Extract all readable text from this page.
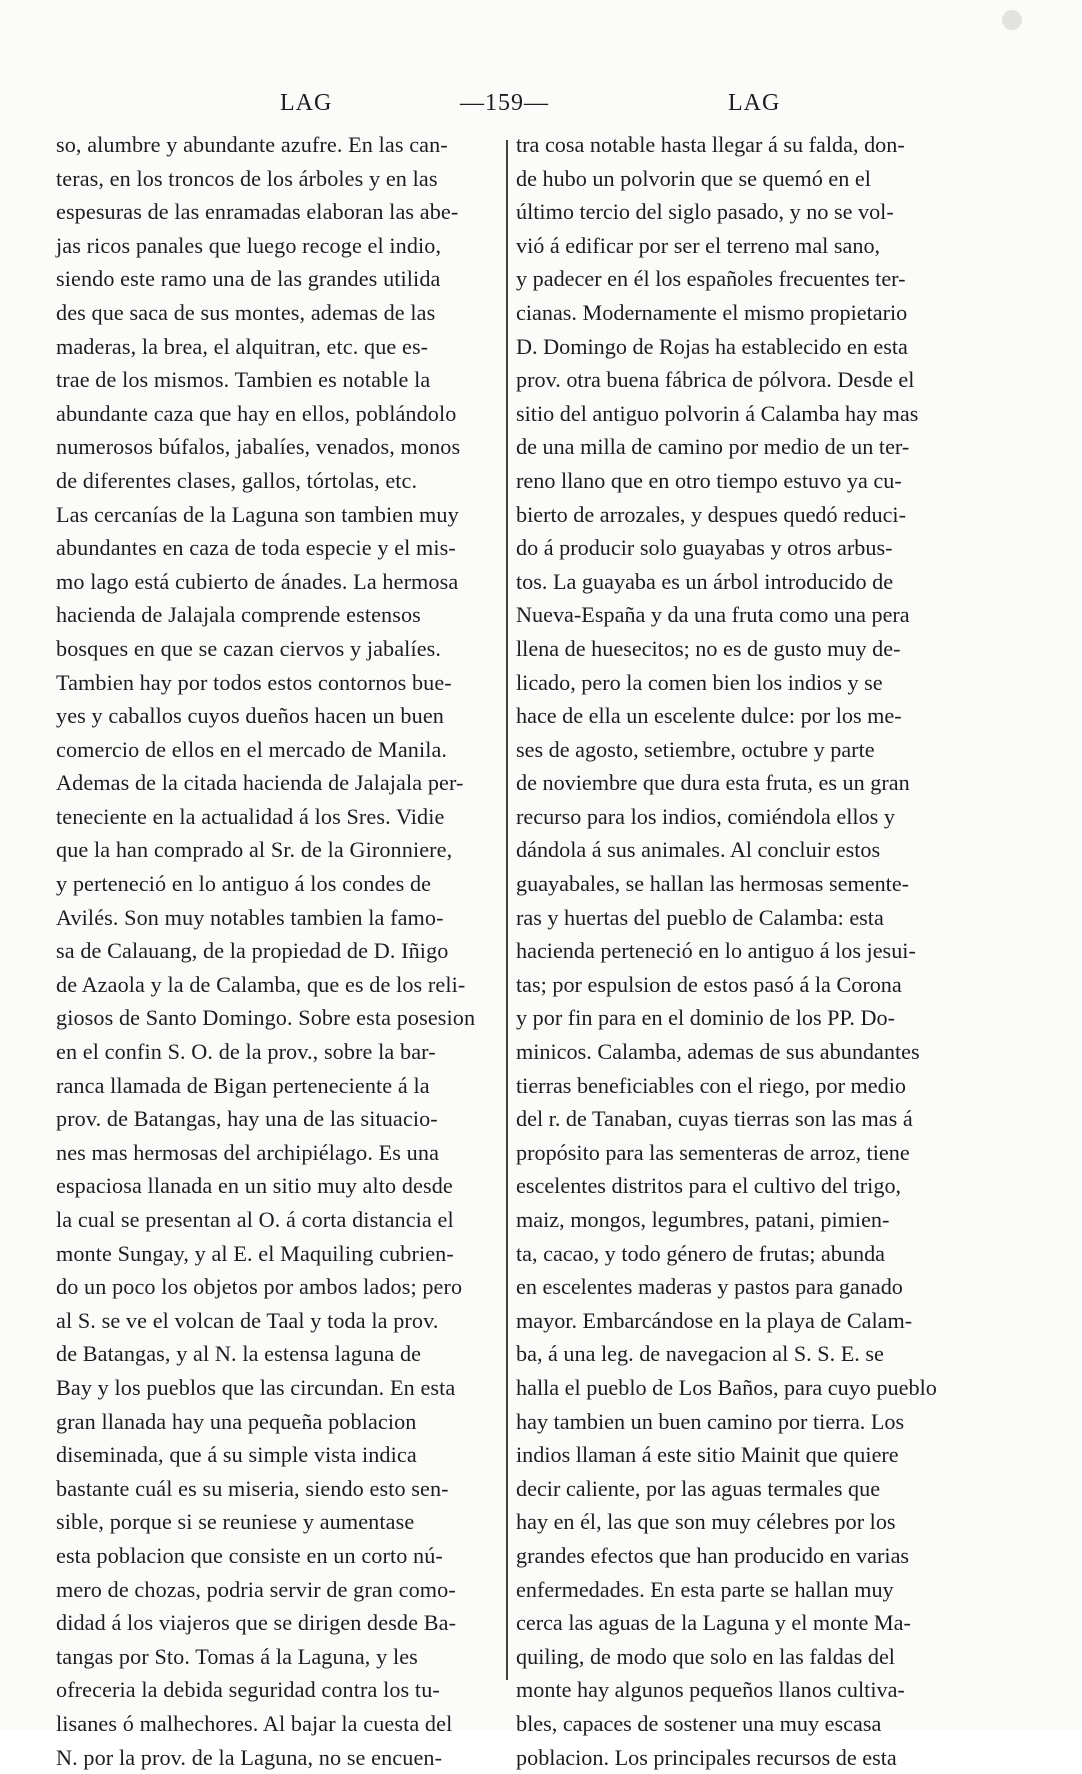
LAG	—159—	LAG
so, alumbre y abundante azufre. En las can-
teras, en los troncos de los árboles y en las
espesuras de las enramadas elaboran las abe-
jas ricos panales que luego recoge el indio,
siendo este ramo una de las grandes utilida
des que saca de sus montes, ademas de las
maderas, la brea, el alquitran, etc. que es-
trae de los mismos. Tambien es notable la
abundante caza que hay en ellos, poblándolo
numerosos búfalos, jabalíes, venados, monos
de diferentes clases, gallos, tórtolas, etc.
Las cercanías de la Laguna son tambien muy
abundantes en caza de toda especie y el mis-
mo lago está cubierto de ánades. La hermosa
hacienda de Jalajala comprende estensos
bosques en que se cazan ciervos y jabalíes.
Tambien hay por todos estos contornos bue-
yes y caballos cuyos dueños hacen un buen
comercio de ellos en el mercado de Manila.
Ademas de la citada hacienda de Jalajala per-
teneciente en la actualidad á los Sres. Vidie
que la han comprado al Sr. de la Gironniere,
y perteneció en lo antiguo á los condes de
Avilés. Son muy notables tambien la famo-
sa de Calauang, de la propiedad de D. Iñigo
de Azaola y la de Calamba, que es de los reli-
giosos de Santo Domingo. Sobre esta posesion
en el confin S. O. de la prov., sobre la bar-
ranca llamada de Bigan perteneciente á la
prov. de Batangas, hay una de las situacio-
nes mas hermosas del archipiélago. Es una
espaciosa llanada en un sitio muy alto desde
la cual se presentan al O. á corta distancia el
monte Sungay, y al E. el Maquiling cubrien-
do un poco los objetos por ambos lados; pero
al S. se ve el volcan de Taal y toda la prov.
de Batangas, y al N. la estensa laguna de
Bay y los pueblos que las circundan. En esta
gran llanada hay una pequeña poblacion
diseminada, que á su simple vista indica
bastante cuál es su miseria, siendo esto sen-
sible, porque si se reuniese y aumentase
esta poblacion que consiste en un corto nú-
mero de chozas, podria servir de gran como-
didad á los viajeros que se dirigen desde Ba-
tangas por Sto. Tomas á la Laguna, y les
ofreceria la debida seguridad contra los tu-
lisanes ó malhechores. Al bajar la cuesta del
N. por la prov. de la Laguna, no se encuen-
tra cosa notable hasta llegar á su falda, don-
de hubo un polvorin que se quemó en el
último tercio del siglo pasado, y no se vol-
vió á edificar por ser el terreno mal sano,
y padecer en él los españoles frecuentes ter-
cianas. Modernamente el mismo propietario
D. Domingo de Rojas ha establecido en esta
prov. otra buena fábrica de pólvora. Desde el
sitio del antiguo polvorin á Calamba hay mas
de una milla de camino por medio de un ter-
reno llano que en otro tiempo estuvo ya cu-
bierto de arrozales, y despues quedó reduci-
do á producir solo guayabas y otros arbus-
tos. La guayaba es un árbol introducido de
Nueva-España y da una fruta como una pera
llena de huesecitos; no es de gusto muy de-
licado, pero la comen bien los indios y se
hace de ella un escelente dulce: por los me-
ses de agosto, setiembre, octubre y parte
de noviembre que dura esta fruta, es un gran
recurso para los indios, comiéndola ellos y
dándola á sus animales. Al concluir estos
guayabales, se hallan las hermosas semente-
ras y huertas del pueblo de Calamba: esta
hacienda perteneció en lo antiguo á los jesui-
tas; por espulsion de estos pasó á la Corona
y por fin para en el dominio de los PP. Do-
minicos. Calamba, ademas de sus abundantes
tierras beneficiables con el riego, por medio
del r. de Tanaban, cuyas tierras son las mas á
propósito para las sementeras de arroz, tiene
escelentes distritos para el cultivo del trigo,
maiz, mongos, legumbres, patani, pimien-
ta, cacao, y todo género de frutas; abunda
en escelentes maderas y pastos para ganado
mayor. Embarcándose en la playa de Calam-
ba, á una leg. de navegacion al S. S. E. se
halla el pueblo de Los Baños, para cuyo pueblo
hay tambien un buen camino por tierra. Los
indios llaman á este sitio Mainit que quiere
decir caliente, por las aguas termales que
hay en él, las que son muy célebres por los
grandes efectos que han producido en varias
enfermedades. En esta parte se hallan muy
cerca las aguas de la Laguna y el monte Ma-
quiling, de modo que solo en las faldas del
monte hay algunos pequeños llanos cultiva-
bles, capaces de sostener una muy escasa
poblacion. Los principales recursos de esta
